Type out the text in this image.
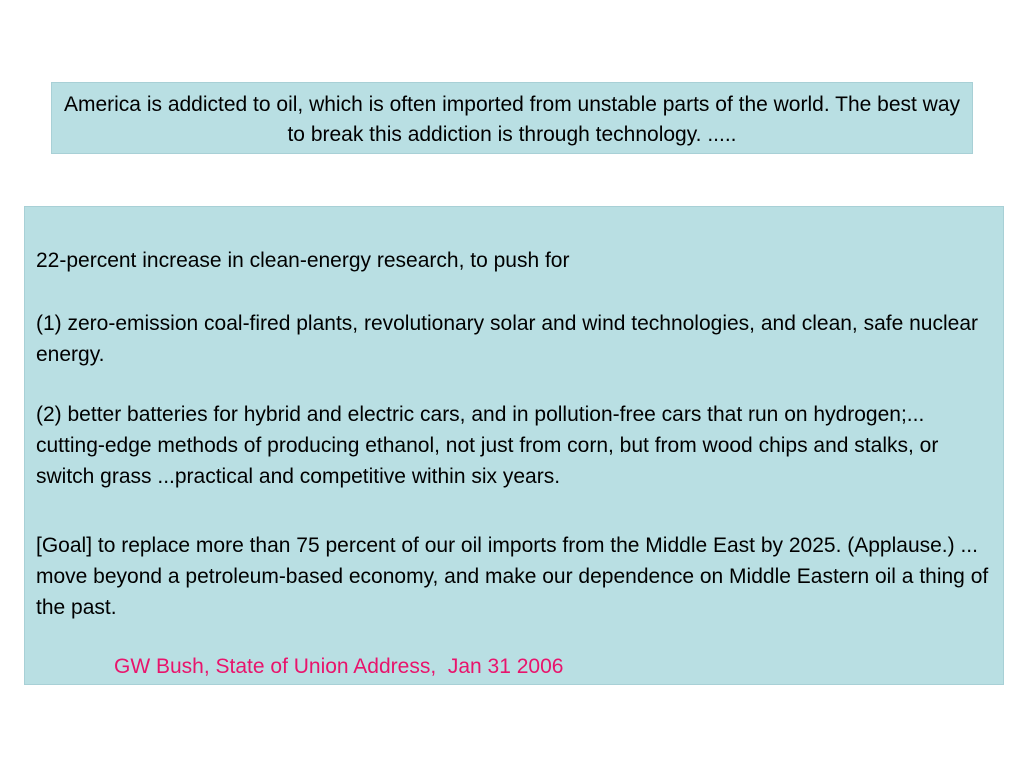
America is addicted to oil, which is often imported from unstable parts of the world. The best way to break this addiction is through technology. .....

22-percent increase in clean-energy research, to push for

(1) zero-emission coal-fired plants, revolutionary solar and wind technologies, and clean, safe nuclear energy.

(2) better batteries for hybrid and electric cars, and in pollution-free cars that run on hydrogen;... cutting-edge methods of producing ethanol, not just from corn, but from wood chips and stalks, or switch grass ...practical and competitive within six years.

[Goal] to replace more than 75 percent of our oil imports from the Middle East by 2025. (Applause.) ... move beyond a petroleum-based economy, and make our dependence on Middle Eastern oil a thing of the past.

GW Bush, State of Union Address,  Jan 31 2006
